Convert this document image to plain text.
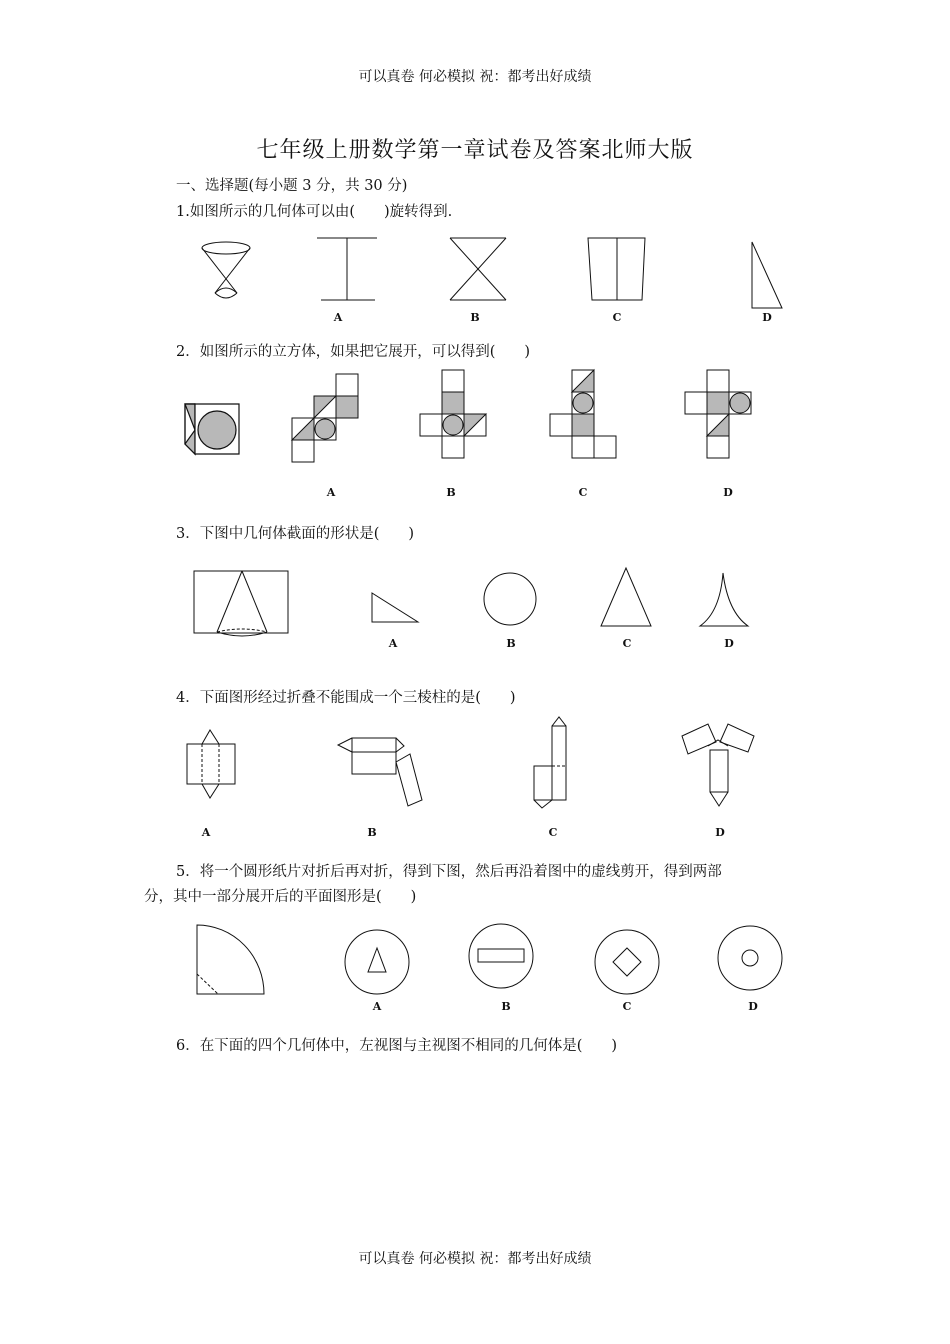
可以真卷 何必模拟 祝：都考出好成绩
七年级上册数学第一章试卷及答案北师大版
一、选择题(每小题 3 分，共 30 分)
1.如图所示的几何体可以由(　　)旋转得到.
A	B	C	D
2．如图所示的立方体，如果把它展开，可以得到(　　)
A	B	C	D
3．下图中几何体截面的形状是(　　)
A	B	C	D
4．下面图形经过折叠不能围成一个三棱柱的是(　　)
A	B	C	D
5．将一个圆形纸片对折后再对折，得到下图，然后再沿着图中的虚线剪开，得到两部
分，其中一部分展开后的平面图形是(　　)
A	B	C	D
6．在下面的四个几何体中，左视图与主视图不相同的几何体是(　　)
可以真卷 何必模拟 祝：都考出好成绩
